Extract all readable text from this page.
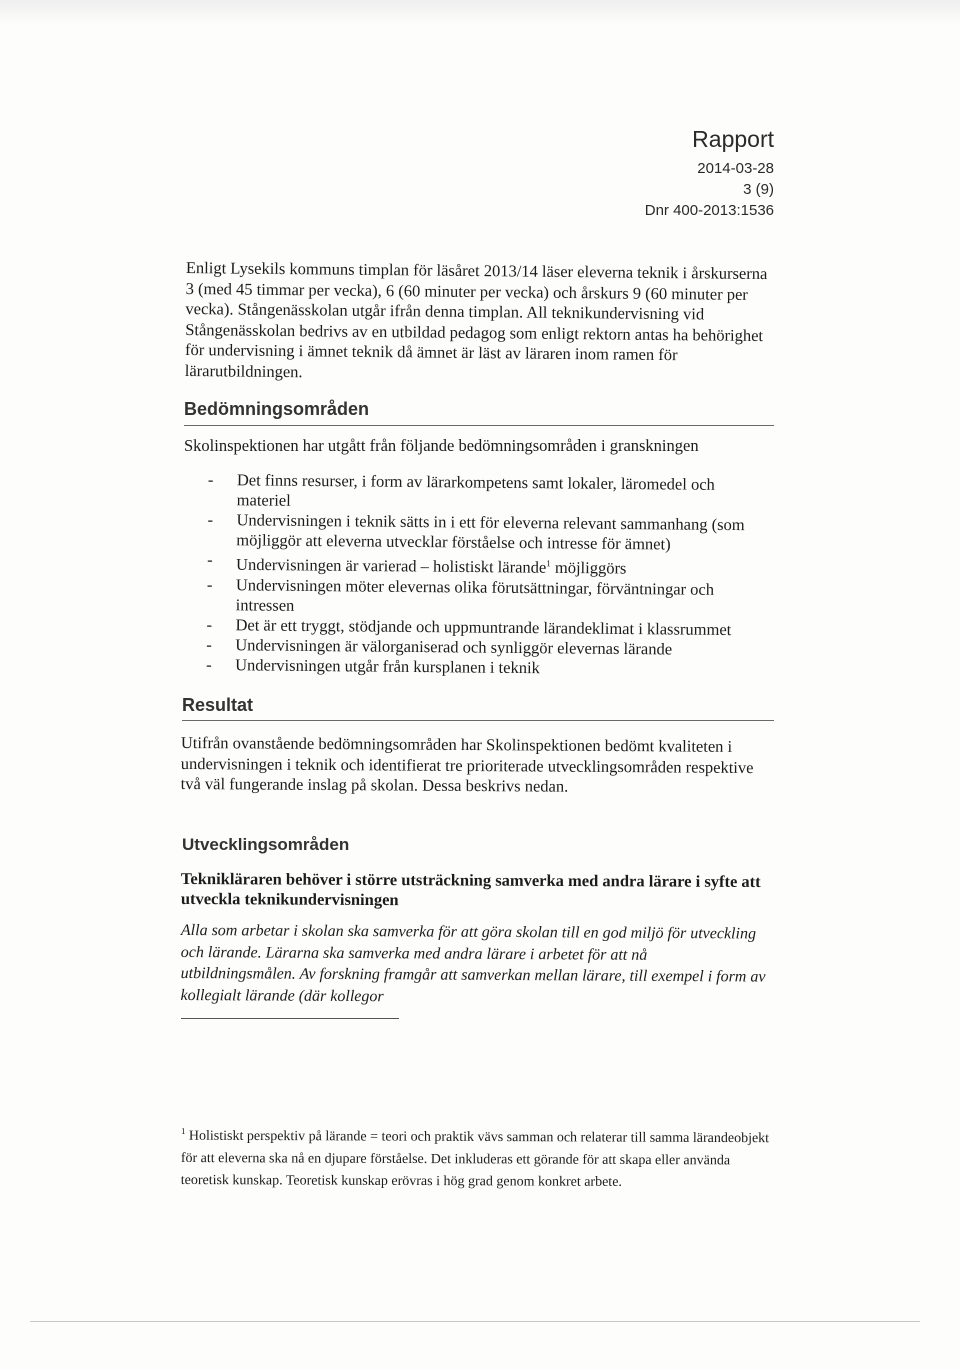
Rapport
2014-03-28
3 (9)
Dnr 400-2013:1536
Enligt Lysekils kommuns timplan för läsåret 2013/14 läser eleverna teknik i årskurserna 3 (med 45 timmar per vecka), 6 (60 minuter per vecka) och årskurs 9 (60 minuter per vecka). Stångenässkolan utgår ifrån denna timplan. All teknikundervisning vid Stångenässkolan bedrivs av en utbildad pedagog som enligt rektorn antas ha behörighet för undervisning i ämnet teknik då ämnet är läst av läraren inom ramen för lärarutbildningen.
Bedömningsområden
Skolinspektionen har utgått från följande bedömningsområden i granskningen
- Det finns resurser, i form av lärarkompetens samt lokaler, läromedel och materiel
- Undervisningen i teknik sätts in i ett för eleverna relevant sammanhang (som möjliggör att eleverna utvecklar förståelse och intresse för ämnet)
- Undervisningen är varierad – holistiskt lärande$^1$ möjliggörs
- Undervisningen möter elevernas olika förutsättningar, förväntningar och intressen
- Det är ett tryggt, stödjande och uppmuntrande lärandeklimat i klassrummet
- Undervisningen är välorganiserad och synliggör elevernas lärande
- Undervisningen utgår från kursplanen i teknik
Resultat
Utifrån ovanstående bedömningsområden har Skolinspektionen bedömt kvaliteten i undervisningen i teknik och identifierat tre prioriterade utvecklingsområden respektive två väl fungerande inslag på skolan. Dessa beskrivs nedan.
Utvecklingsområden
Teknikläraren behöver i större utsträckning samverka med andra lärare i syfte att utveckla teknikundervisningen
Alla som arbetar i skolan ska samverka för att göra skolan till en god miljö för utveckling och lärande. Lärarna ska samverka med andra lärare i arbetet för att nå utbildningsmålen. Av forskning framgår att samverkan mellan lärare, till exempel i form av kollegialt lärande (där kollegor
$^1$ Holistiskt perspektiv på lärande = teori och praktik vävs samman och relaterar till samma lärandeobjekt för att eleverna ska nå en djupare förståelse. Det inkluderas ett görande för att skapa eller använda teoretisk kunskap. Teoretisk kunskap erövras i hög grad genom konkret arbete.
